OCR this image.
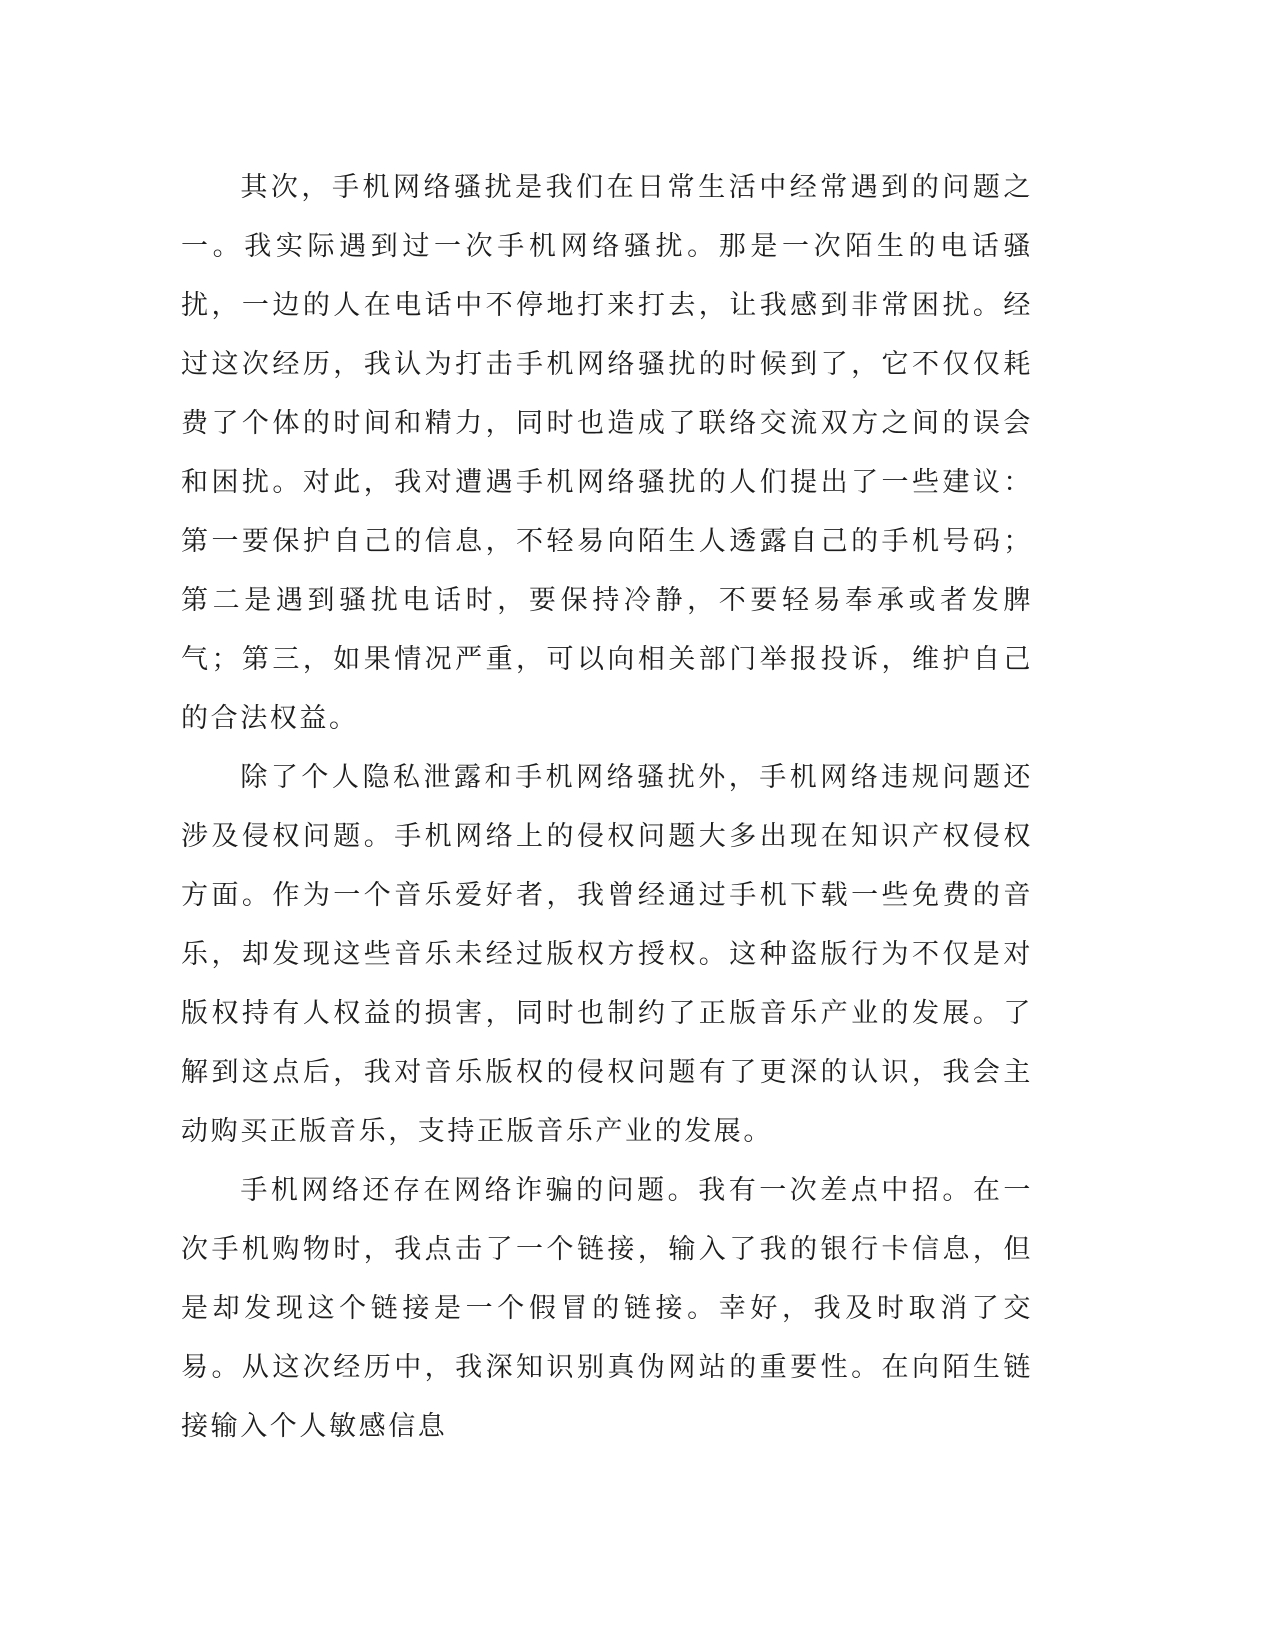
其次，手机网络骚扰是我们在日常生活中经常遇到的问题之一。我实际遇到过一次手机网络骚扰。那是一次陌生的电话骚扰，一边的人在电话中不停地打来打去，让我感到非常困扰。经过这次经历，我认为打击手机网络骚扰的时候到了，它不仅仅耗费了个体的时间和精力，同时也造成了联络交流双方之间的误会和困扰。对此，我对遭遇手机网络骚扰的人们提出了一些建议：第一要保护自己的信息，不轻易向陌生人透露自己的手机号码；第二是遇到骚扰电话时，要保持冷静，不要轻易奉承或者发脾气；第三，如果情况严重，可以向相关部门举报投诉，维护自己的合法权益。

除了个人隐私泄露和手机网络骚扰外，手机网络违规问题还涉及侵权问题。手机网络上的侵权问题大多出现在知识产权侵权方面。作为一个音乐爱好者，我曾经通过手机下载一些免费的音乐，却发现这些音乐未经过版权方授权。这种盗版行为不仅是对版权持有人权益的损害，同时也制约了正版音乐产业的发展。了解到这点后，我对音乐版权的侵权问题有了更深的认识，我会主动购买正版音乐，支持正版音乐产业的发展。

手机网络还存在网络诈骗的问题。我有一次差点中招。在一次手机购物时，我点击了一个链接，输入了我的银行卡信息，但是却发现这个链接是一个假冒的链接。幸好，我及时取消了交易。从这次经历中，我深知识别真伪网站的重要性。在向陌生链接输入个人敏感信息
